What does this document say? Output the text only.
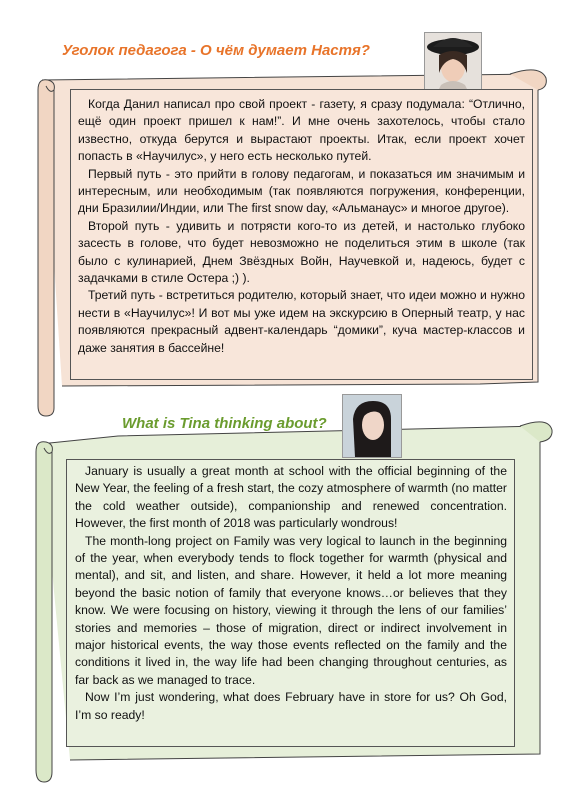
Уголок педагога - О чём думает Настя?

Когда Данил написал про свой проект - газету, я сразу подумала: “Отлично, ещё один проект пришел к нам!”. И мне очень захотелось, чтобы стало известно, откуда берутся и вырастают проекты. Итак, если проект хочет попасть в «Научилус», у него есть несколько путей.

Первый путь - это прийти в голову педагогам, и показаться им значимым и интересным, или необходимым (так появляются погружения, конференции, дни Бразилии/Индии, или The first snow day, «Альманаус» и многое другое).

Второй путь - удивить и потрясти кого-то из детей, и настолько глубоко засесть в голове, что будет невозможно не поделиться этим в школе (так было с кулинарией, Днем Звёздных Войн, Научевкой и, надеюсь, будет с задачками в стиле Остера ;) ).

Третий путь - встретиться родителю, который знает, что идеи можно и нужно нести в «Научилус»! И вот мы уже идем на экскурсию в Оперный театр, у нас появляются прекрасный адвент-календарь “домики”, куча мастер-классов и даже занятия в бассейне!

What is Tina thinking about?

January is usually a great month at school with the official beginning of the New Year, the feeling of a fresh start, the cozy atmosphere of warmth (no matter the cold weather outside), companionship and renewed concentration. However, the first month of 2018 was particularly wondrous!

The month-long project on Family was very logical to launch in the beginning of the year, when everybody tends to flock together for warmth (physical and mental), and sit, and listen, and share. However, it held a lot more meaning beyond the basic notion of family that everyone knows…or believes that they know. We were focusing on history, viewing it through the lens of our families’ stories and memories – those of migration, direct or indirect involvement in major historical events, the way those events reflected on the family and the conditions it lived in, the way life had been changing throughout centuries, as far back as we managed to trace.

Now I’m just wondering, what does February have in store for us? Oh God, I’m so ready!
